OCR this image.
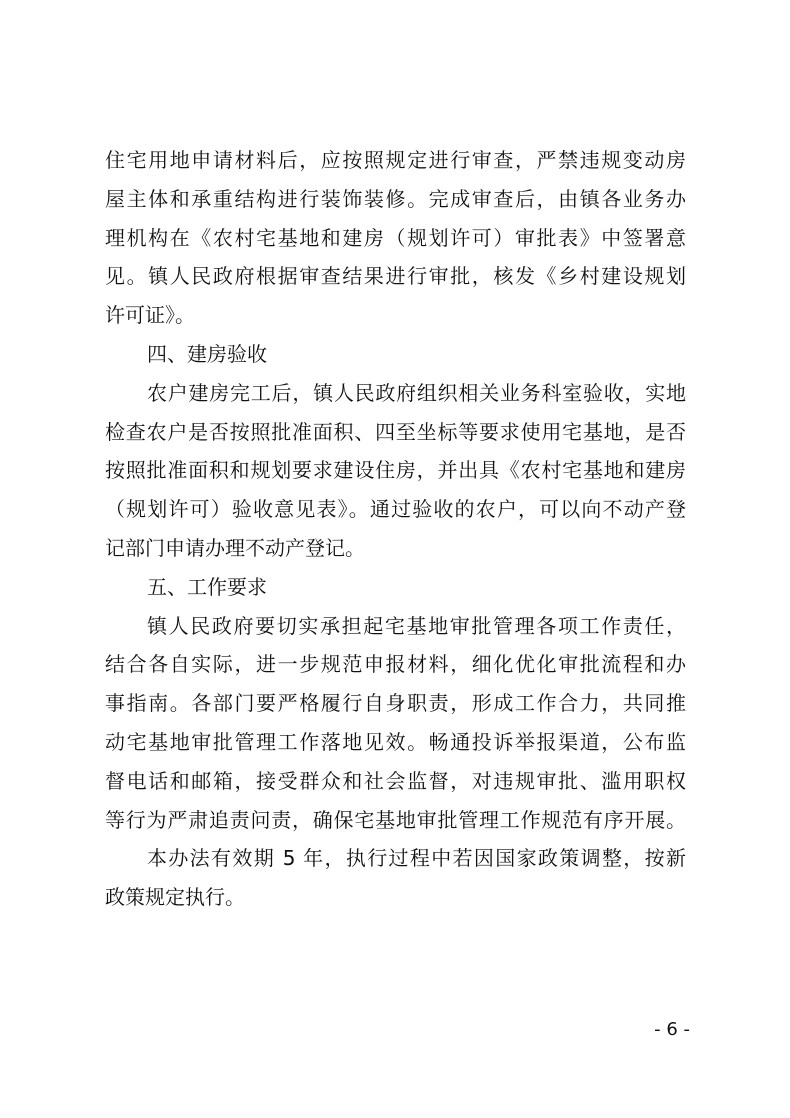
住宅用地申请材料后，应按照规定进行审查，严禁违规变动房
屋主体和承重结构进行装饰装修。完成审查后，由镇各业务办
理机构在《农村宅基地和建房（规划许可）审批表》中签署意
见。镇人民政府根据审查结果进行审批，核发《乡村建设规划
许可证》。
四、建房验收
农户建房完工后，镇人民政府组织相关业务科室验收，实地
检查农户是否按照批准面积、四至坐标等要求使用宅基地，是否
按照批准面积和规划要求建设住房，并出具《农村宅基地和建房
（规划许可）验收意见表》。通过验收的农户，可以向不动产登
记部门申请办理不动产登记。
五、工作要求
镇人民政府要切实承担起宅基地审批管理各项工作责任，
结合各自实际，进一步规范申报材料，细化优化审批流程和办
事指南。各部门要严格履行自身职责，形成工作合力，共同推
动宅基地审批管理工作落地见效。畅通投诉举报渠道，公布监
督电话和邮箱，接受群众和社会监督，对违规审批、滥用职权
等行为严肃追责问责，确保宅基地审批管理工作规范有序开展。
本办法有效期 5 年，执行过程中若因国家政策调整，按新
政策规定执行。
- 6 -
